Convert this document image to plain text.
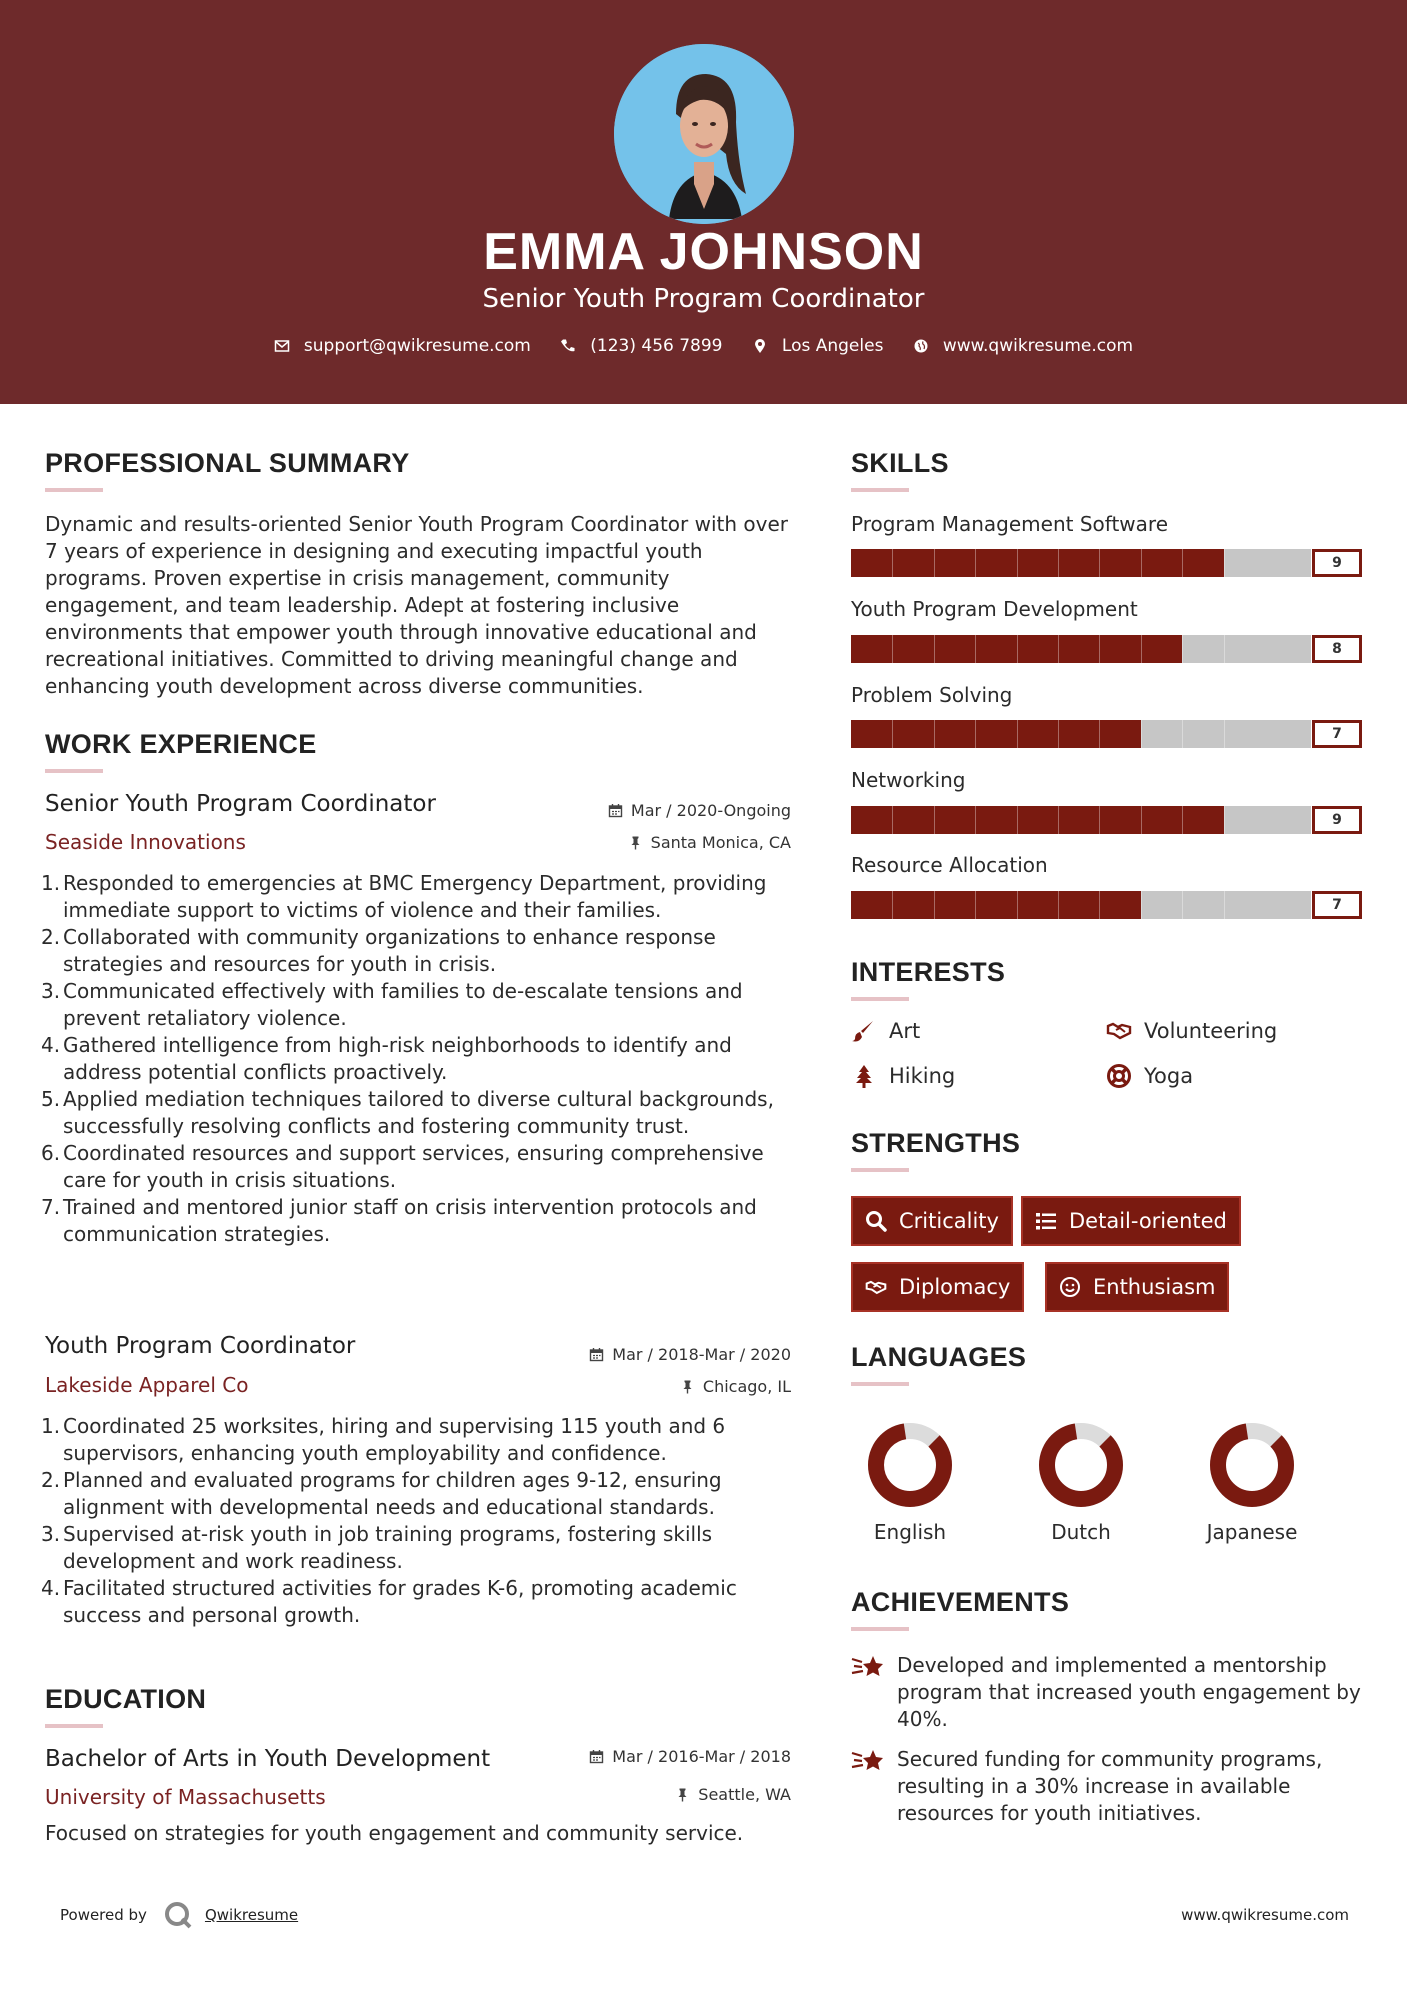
EMMA JOHNSON
Senior Youth Program Coordinator
support@qwikresume.com
	(123) 456 7899
	Los Angeles
	www.qwikresume.com
PROFESSIONAL SUMMARY
Dynamic and results-oriented Senior Youth Program Coordinator with over 7 years of experience in designing and executing impactful youth programs. Proven expertise in crisis management, community engagement, and team leadership. Adept at fostering inclusive environments that empower youth through innovative educational and recreational initiatives. Committed to driving meaningful change and enhancing youth development across diverse communities.
WORK EXPERIENCE
Senior Youth Program Coordinator
Seaside Innovations
Mar / 2020-Ongoing
Santa Monica, CA
1. Responded to emergencies at BMC Emergency Department, providing immediate support to victims of violence and their families.
2. Collaborated with community organizations to enhance response strategies and resources for youth in crisis.
3. Communicated effectively with families to de-escalate tensions and prevent retaliatory violence.
4. Gathered intelligence from high-risk neighborhoods to identify and address potential conflicts proactively.
5. Applied mediation techniques tailored to diverse cultural backgrounds, successfully resolving conflicts and fostering community trust.
6. Coordinated resources and support services, ensuring comprehensive care for youth in crisis situations.
7. Trained and mentored junior staff on crisis intervention protocols and communication strategies.
Youth Program Coordinator
Lakeside Apparel Co
Mar / 2018-Mar / 2020
Chicago, IL
1. Coordinated 25 worksites, hiring and supervising 115 youth and 6 supervisors, enhancing youth employability and confidence.
2. Planned and evaluated programs for children ages 9-12, ensuring alignment with developmental needs and educational standards.
3. Supervised at-risk youth in job training programs, fostering skills development and work readiness.
4. Facilitated structured activities for grades K-6, promoting academic success and personal growth.
EDUCATION
Bachelor of Arts in Youth Development
University of Massachusetts
Mar / 2016-Mar / 2018
Seattle, WA
Focused on strategies for youth engagement and community service.
SKILLS
Program Management Software
9
Youth Program Development
8
Problem Solving
7
Networking
9
Resource Allocation
7
INTERESTS
Art	Volunteering
Hiking	Yoga
STRENGTHS
Criticality	Detail-oriented
Diplomacy	Enthusiasm
LANGUAGES
English	Dutch	Japanese
ACHIEVEMENTS
Developed and implemented a mentorship program that increased youth engagement by 40%.
Secured funding for community programs, resulting in a 30% increase in available resources for youth initiatives.
Powered by	Qwikresume	www.qwikresume.com
